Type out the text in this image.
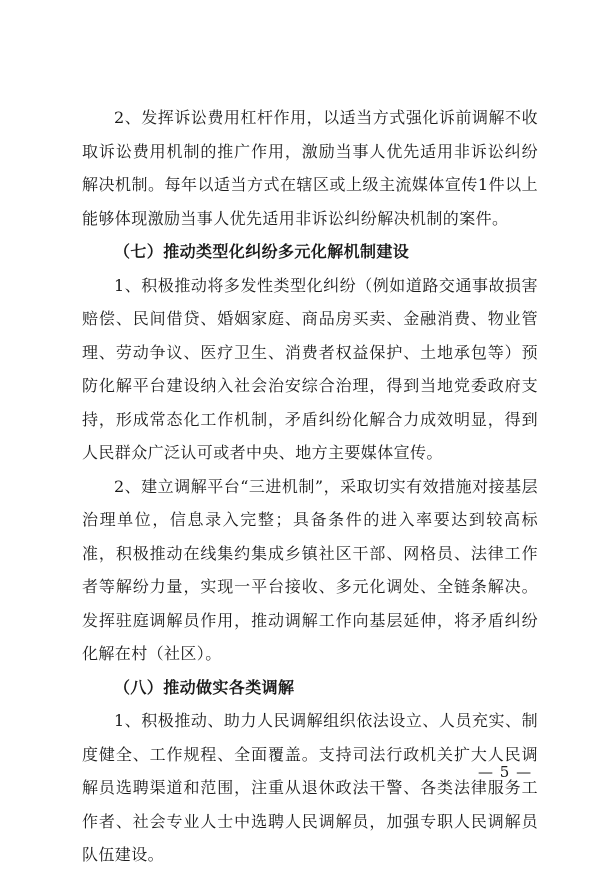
2、发挥诉讼费用杠杆作用，以适当方式强化诉前调解不收取诉讼费用机制的推广作用，激励当事人优先适用非诉讼纠纷解决机制。每年以适当方式在辖区或上级主流媒体宣传1件以上能够体现激励当事人优先适用非诉讼纠纷解决机制的案件。

（七）推动类型化纠纷多元化解机制建设

1、积极推动将多发性类型化纠纷（例如道路交通事故损害赔偿、民间借贷、婚姻家庭、商品房买卖、金融消费、物业管理、劳动争议、医疗卫生、消费者权益保护、土地承包等）预防化解平台建设纳入社会治安综合治理，得到当地党委政府支持，形成常态化工作机制，矛盾纠纷化解合力成效明显，得到人民群众广泛认可或者中央、地方主要媒体宣传。

2、建立调解平台“三进机制”，采取切实有效措施对接基层治理单位，信息录入完整；具备条件的进入率要达到较高标准，积极推动在线集约集成乡镇社区干部、网格员、法律工作者等解纷力量，实现一平台接收、多元化调处、全链条解决。发挥驻庭调解员作用，推动调解工作向基层延伸，将矛盾纠纷化解在村（社区）。

（八）推动做实各类调解

1、积极推动、助力人民调解组织依法设立、人员充实、制度健全、工作规程、全面覆盖。支持司法行政机关扩大人民调解员选聘渠道和范围，注重从退休政法干警、各类法律服务工作者、社会专业人士中选聘人民调解员，加强专职人民调解员队伍建设。

— 5 —
